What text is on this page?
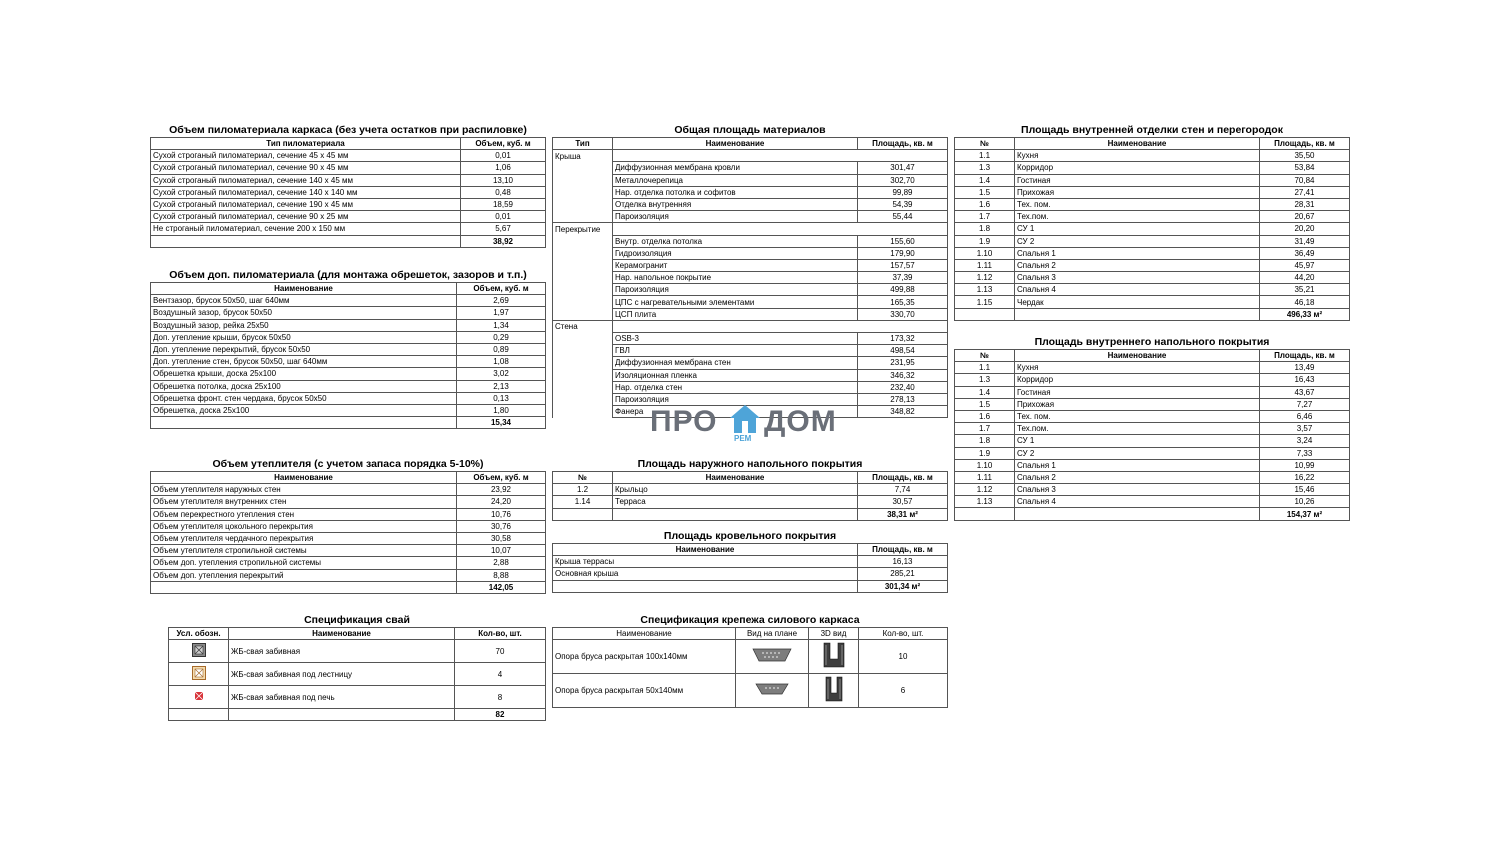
Объем пиломатериала каркаса (без учета остатков при распиловке)
Тип пиломатериала	Объем, куб. м
Сухой строганый пиломатериал, сечение 45 х 45 мм	0,01
Сухой строганый пиломатериал, сечение 90 х 45 мм	1,06
Сухой строганый пиломатериал, сечение 140 х 45 мм	13,10
Сухой строганый пиломатериал, сечение 140 х 140 мм	0,48
Сухой строганый пиломатериал, сечение 190 х 45 мм	18,59
Сухой строганый пиломатериал, сечение 90 х 25 мм	0,01
Не строганый пиломатериал, сечение 200 х 150 мм	5,67
	38,92
Объем доп. пиломатериала (для монтажа обрешеток, зазоров и т.п.)
Наименование	Объем, куб. м
Вентзазор, брусок 50х50, шаг 640мм	2,69
Воздушный зазор, брусок 50х50	1,97
Воздушный зазор, рейка 25х50	1,34
Доп. утепление крыши, брусок 50х50	0,29
Доп. утепление перекрытий, брусок 50х50	0,89
Доп. утепление стен, брусок 50х50, шаг 640мм	1,08
Обрешетка крыши, доска 25х100	3,02
Обрешетка потолка, доска 25х100	2,13
Обрешетка фронт. стен чердака, брусок 50х50	0,13
Обрешетка, доска 25х100	1,80
	15,34
Объем утеплителя (с учетом запаса порядка 5-10%)
Наименование	Объем, куб. м
Объем утеплителя наружных стен	23,92
Объем утеплителя внутренних стен	24,20
Объем перекрестного утепления стен	10,76
Объем утеплителя цокольного перекрытия	30,76
Объем утеплителя чердачного перекрытия	30,58
Объем утеплителя стропильной системы	10,07
Объем доп. утепления стропильной системы	2,88
Объем доп. утепления перекрытий	8,88
	142,05
Спецификация свай
Усл. обозн.	Наименование	Кол-во, шт.
	ЖБ-свая забивная	70
	ЖБ-свая забивная под лестницу	4
	ЖБ-свая забивная под печь	8
		82
Общая площадь материалов
Тип	Наименование	Площадь, кв. м
Крыша		
	Диффузионная мембрана кровли	301,47
	Металлочерепица	302,70
	Нар. отделка потолка и софитов	99,89
	Отделка внутренняя	54,39
	Пароизоляция	55,44
Перекрытие		
	Внутр. отделка потолка	155,60
	Гидроизоляция	179,90
	Керамогранит	157,57
	Нар. напольное покрытие	37,39
	Пароизоляция	499,88
	ЦПС с нагревательными элементами	165,35
	ЦСП плита	330,70
Стена		
	OSB-3	173,32
	ГВЛ	498,54
	Диффузионная мембрана стен	231,95
	Изоляционная пленка	346,32
	Нар. отделка стен	232,40
	Пароизоляция	278,13
	Фанера	348,82
ПРО ДОМ
РЕМ
Площадь наружного напольного покрытия
№	Наименование	Площадь, кв. м
1.2	Крыльцо	7,74
1.14	Терраса	30,57
		38,31 м²
Площадь кровельного покрытия
Наименование	Площадь, кв. м
Крыша террасы	16,13
Основная крыша	285,21
	301,34 м²
Спецификация крепежа силового каркаса
Наименование	Вид на плане	3D вид	Кол-во, шт.
Опора бруса раскрытая 100х140мм			10
Опора бруса раскрытая 50х140мм			6
Площадь внутренней отделки стен и перегородок
№	Наименование	Площадь, кв. м
1.1	Кухня	35,50
1.3	Корридор	53,84
1.4	Гостиная	70,84
1.5	Прихожая	27,41
1.6	Тех. пом.	28,31
1.7	Тех.пом.	20,67
1.8	СУ 1	20,20
1.9	СУ 2	31,49
1.10	Спальня 1	36,49
1.11	Спальня 2	45,97
1.12	Спальня 3	44,20
1.13	Спальня 4	35,21
1.15	Чердак	46,18
		496,33 м²
Площадь внутреннего напольного покрытия
№	Наименование	Площадь, кв. м
1.1	Кухня	13,49
1.3	Корридор	16,43
1.4	Гостиная	43,67
1.5	Прихожая	7,27
1.6	Тех. пом.	6,46
1.7	Тех.пом.	3,57
1.8	СУ 1	3,24
1.9	СУ 2	7,33
1.10	Спальня 1	10,99
1.11	Спальня 2	16,22
1.12	Спальня 3	15,46
1.13	Спальня 4	10,26
		154,37 м²
